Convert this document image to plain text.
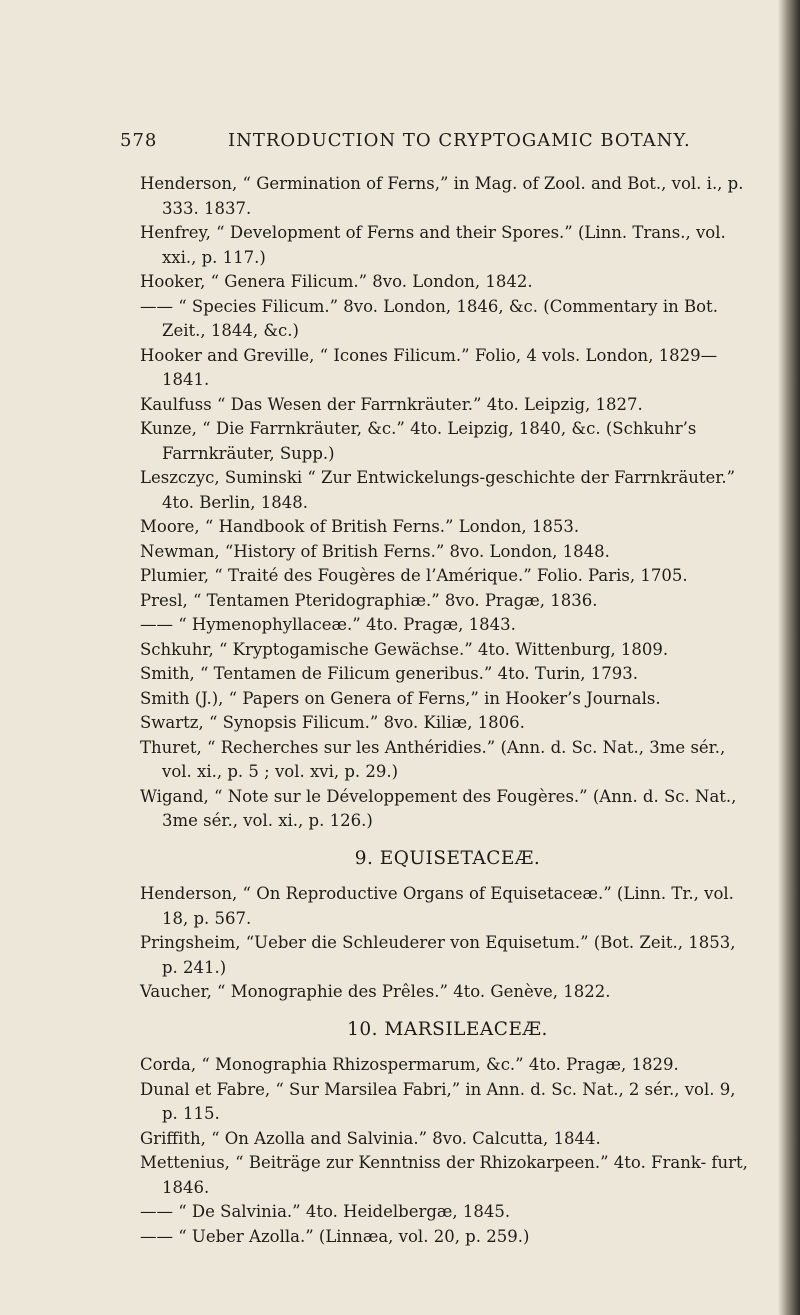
578	INTRODUCTION TO CRYPTOGAMIC BOTANY.

Henderson, “ Germination of Ferns,” in Mag. of Zool. and Bot., vol. i., p. 333. 1837.

Henfrey, “ Development of Ferns and their Spores.” (Linn. Trans., vol. xxi., p. 117.)

Hooker, “ Genera Filicum.” 8vo. London, 1842.

—— “ Species Filicum.” 8vo. London, 1846, &c. (Commentary in Bot. Zeit., 1844, &c.)

Hooker and Greville, “ Icones Filicum.” Folio, 4 vols. London, 1829— 1841.

Kaulfuss “ Das Wesen der Farrnkräuter.” 4to. Leipzig, 1827.

Kunze, “ Die Farrnkräuter, &c.” 4to. Leipzig, 1840, &c. (Schkuhr’s Farrnkräuter, Supp.)

Leszczyc, Suminski “ Zur Entwickelungs-geschichte der Farrnkräuter.” 4to. Berlin, 1848.

Moore, “ Handbook of British Ferns.” London, 1853.

Newman, “History of British Ferns.” 8vo. London, 1848.

Plumier, “ Traité des Fougères de l’Amérique.” Folio. Paris, 1705.

Presl, “ Tentamen Pteridographiæ.” 8vo. Pragæ, 1836.

—— “ Hymenophyllaceæ.” 4to. Pragæ, 1843.

Schkuhr, “ Kryptogamische Gewächse.” 4to. Wittenburg, 1809.

Smith, “ Tentamen de Filicum generibus.” 4to. Turin, 1793.

Smith (J.), “ Papers on Genera of Ferns,” in Hooker’s Journals.

Swartz, “ Synopsis Filicum.” 8vo. Kiliæ, 1806.

Thuret, “ Recherches sur les Anthéridies.” (Ann. d. Sc. Nat., 3me sér., vol. xi., p. 5 ; vol. xvi, p. 29.)

Wigand, “ Note sur le Développement des Fougères.” (Ann. d. Sc. Nat., 3me sér., vol. xi., p. 126.)

9. EQUISETACEÆ.

Henderson, “ On Reproductive Organs of Equisetaceæ.” (Linn. Tr., vol. 18, p. 567.

Pringsheim, “Ueber die Schleuderer von Equisetum.” (Bot. Zeit., 1853, p. 241.)

Vaucher, “ Monographie des Prêles.” 4to. Genève, 1822.

10. MARSILEACEÆ.

Corda, “ Monographia Rhizospermarum, &c.” 4to. Pragæ, 1829.

Dunal et Fabre, “ Sur Marsilea Fabri,” in Ann. d. Sc. Nat., 2 sér., vol. 9, p. 115.

Griffith, “ On Azolla and Salvinia.” 8vo. Calcutta, 1844.

Mettenius, “ Beiträge zur Kenntniss der Rhizokarpeen.” 4to. Frank- furt, 1846.

—— “ De Salvinia.” 4to. Heidelbergæ, 1845.

—— “ Ueber Azolla.” (Linnæa, vol. 20, p. 259.)
